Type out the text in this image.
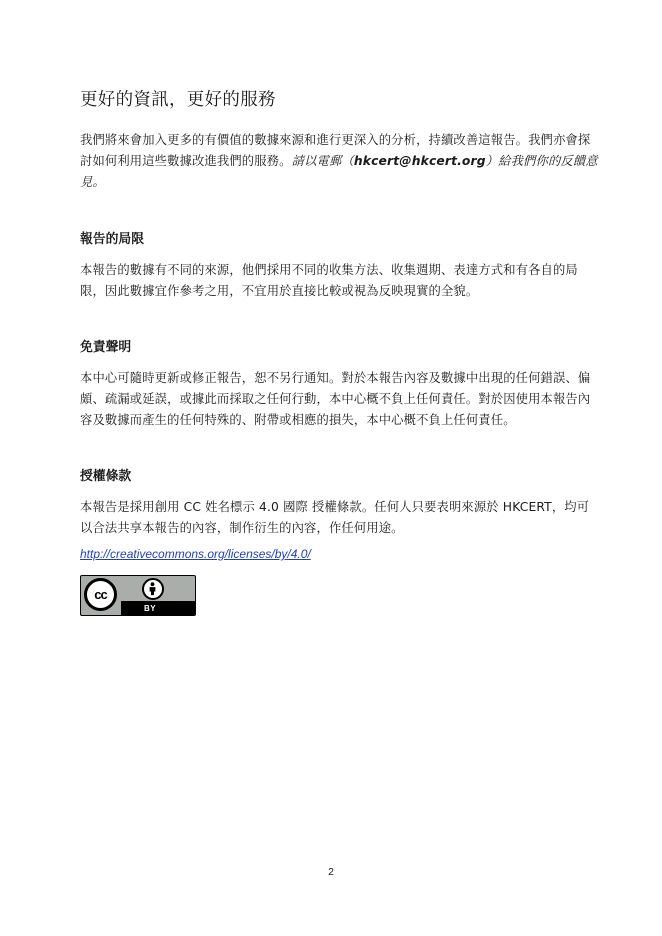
更好的資訊，更好的服務

我們將來會加入更多的有價值的數據來源和進行更深入的分析，持續改善這報告。我們亦會探討如何利用這些數據改進我們的服務。請以電郵（hkcert@hkcert.org）給我們你的反饋意見。

報告的局限

本報告的數據有不同的來源，他們採用不同的收集方法、收集週期、表達方式和有各自的局限，因此數據宜作參考之用，不宜用於直接比較或視為反映現實的全貌。

免責聲明

本中心可隨時更新或修正報告，恕不另行通知。對於本報告內容及數據中出現的任何錯誤、偏頗、疏漏或延誤，或據此而採取之任何行動，本中心概不負上任何責任。對於因使用本報告內容及數據而產生的任何特殊的、附帶或相應的損失，本中心概不負上任何責任。

授權條款

本報告是採用創用 CC 姓名標示 4.0 國際 授權條款。任何人只要表明來源於 HKCERT，均可以合法共享本報告的內容，制作衍生的內容，作任何用途。

http://creativecommons.org/licenses/by/4.0/
cc
BY
2
